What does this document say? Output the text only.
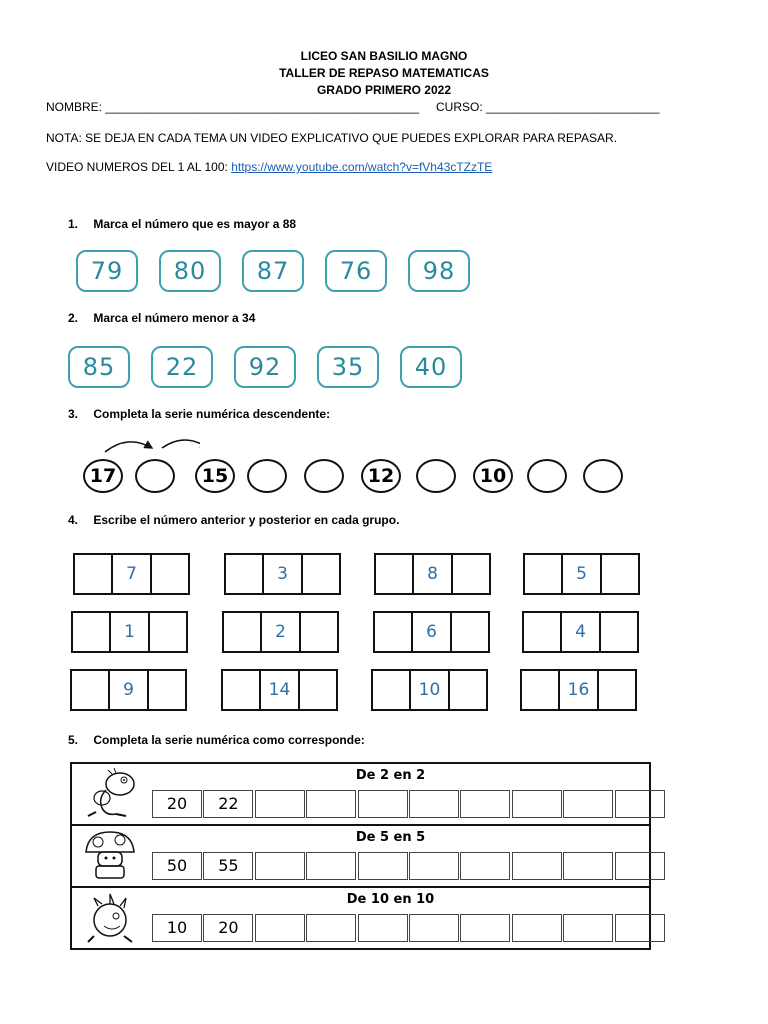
LICEO SAN BASILIO MAGNO
TALLER DE REPASO MATEMATICAS
GRADO PRIMERO 2022
NOMBRE: _______________________________________________ CURSO: __________________________
NOTA: SE DEJA EN CADA TEMA UN VIDEO EXPLICATIVO QUE PUEDES EXPLORAR PARA REPASAR.
VIDEO NUMEROS DEL 1 AL 100: https://www.youtube.com/watch?v=fVh43cTZzTE
1. Marca el número que es mayor a 88
79	80	87	76	98
2. Marca el número menor a 34
85	22	92	35	40
3. Completa la serie numérica descendente:
17	15	12	10
4. Escribe el número anterior y posterior en cada grupo.
7	3	8	5
1	2	6	4
9	14	10	16
5. Completa la serie numérica como corresponde:
De 2 en 2
20	22
De 5 en 5
50	55
De 10 en 10
10	20
